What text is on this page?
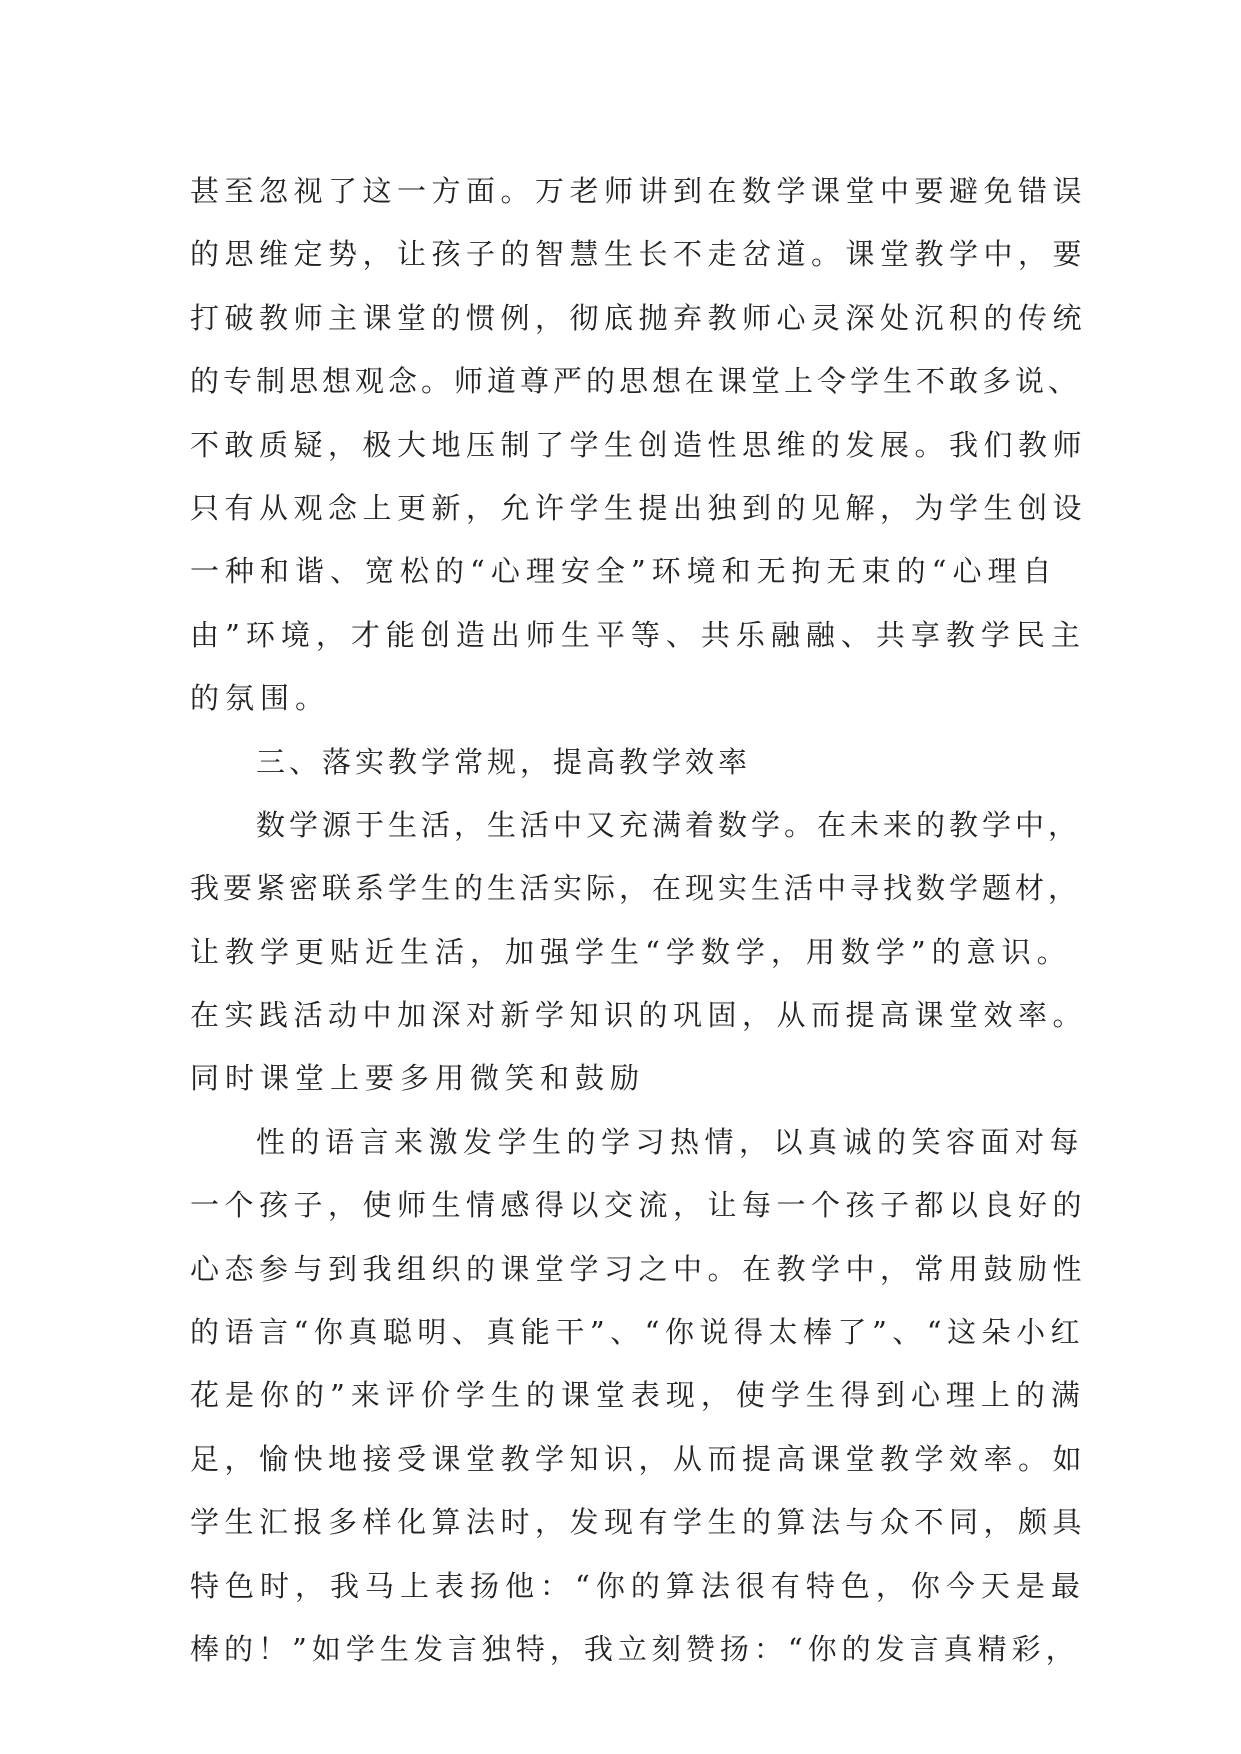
甚至忽视了这一方面。万老师讲到在数学课堂中要避免错误
的思维定势，让孩子的智慧生长不走岔道。课堂教学中，要
打破教师主课堂的惯例，彻底抛弃教师心灵深处沉积的传统
的专制思想观念。师道尊严的思想在课堂上令学生不敢多说、
不敢质疑，极大地压制了学生创造性思维的发展。我们教师
只有从观念上更新，允许学生提出独到的见解，为学生创设
一种和谐、宽松的“心理安全”环境和无拘无束的“心理自
由”环境，才能创造出师生平等、共乐融融、共享教学民主
的氛围。
三、落实教学常规，提高教学效率
数学源于生活，生活中又充满着数学。在未来的教学中，
我要紧密联系学生的生活实际，在现实生活中寻找数学题材，
让教学更贴近生活，加强学生“学数学，用数学”的意识。
在实践活动中加深对新学知识的巩固，从而提高课堂效率。
同时课堂上要多用微笑和鼓励
性的语言来激发学生的学习热情，以真诚的笑容面对每
一个孩子，使师生情感得以交流，让每一个孩子都以良好的
心态参与到我组织的课堂学习之中。在教学中，常用鼓励性
的语言“你真聪明、真能干”、“你说得太棒了”、“这朵小红
花是你的”来评价学生的课堂表现，使学生得到心理上的满
足，愉快地接受课堂教学知识，从而提高课堂教学效率。如
学生汇报多样化算法时，发现有学生的算法与众不同，颇具
特色时，我马上表扬他：“你的算法很有特色，你今天是最
棒的！”如学生发言独特，我立刻赞扬：“你的发言真精彩，
